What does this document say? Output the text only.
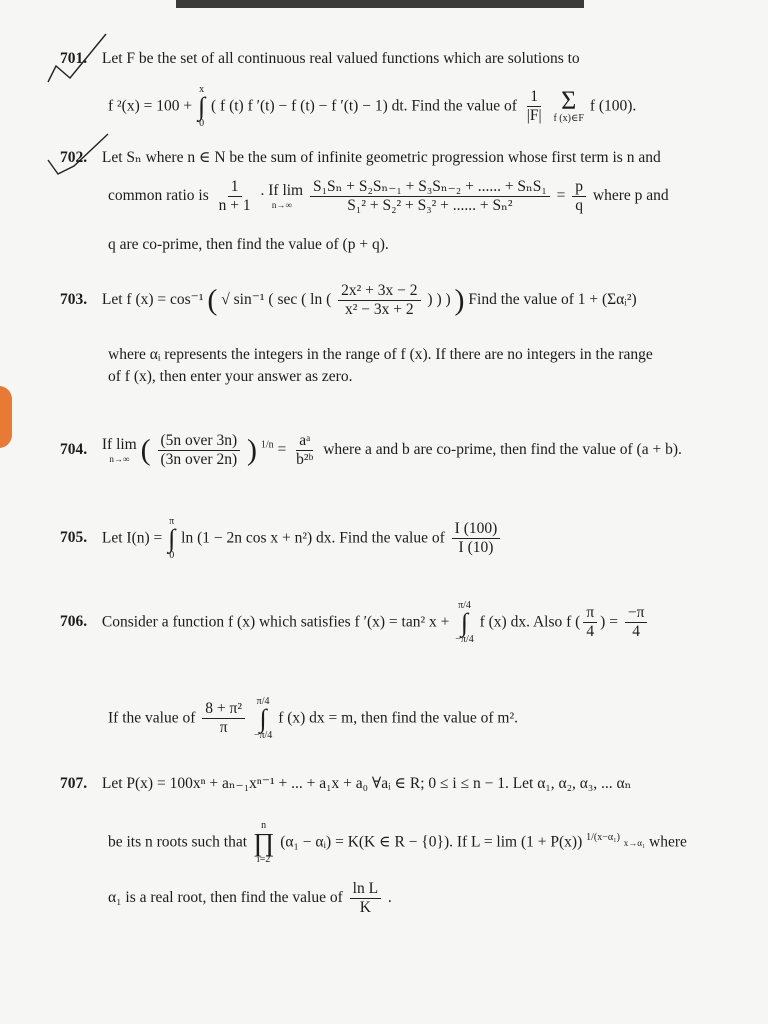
701. Let F be the set of all continuous real valued functions which are solutions to
f ²(x) = 100 +
x
∫
0
( f (t) f ′(t) − f (t) − f ′(t) − 1) dt. Find the value of $\frac{1}{|F|}$
Σ
f (x)∈F
f (100).
702. Let Sₙ where n ∈ N be the sum of infinite geometric progression whose first term is n and
common ratio is $\frac{1}{n + 1}$
. If lim
n→∞

S₁Sₙ + S₂Sₙ₋₁ + S₃Sₙ₋₂ + ...... + SₙS₁
S₁² + S₂² + S₃² + ...... + Sₙ²
= $\frac{p}{q}$ where p and
q are co-prime, then find the value of (p + q).
703. Let f (x) = cos⁻¹ ( √ sin⁻¹ ( sec ( ln ( $\frac{\text{2x² + 3x − 2}}{\text{x² − 3x + 2}}$ ) ) ) ) Find the value of 1 + (Σαᵢ²)
where αᵢ represents the integers in the range of f (x). If there are no integers in the range
of f (x), then enter your answer as zero.
704. If lim
n→∞ ( (5n over 3n)
(3n over 2n) ) $^{1/n} = \frac{\text{aᵃ}}{\text{b²ᵇ}}$ where a and b are co-prime, then find the value of (a + b).
705. Let I(n) =
π
∫
0
ln (1 − 2n cos x + n²) dx. Find the value of $\frac{I (100)}{I (10)}$
706. Consider a function f (x) which satisfies f ′(x) = tan² x +
π/4
∫
−π/4
f (x) dx. Also f ( $\frac{\pi}{4}$ ) = $\frac{-\pi}{4}$
If the value of $\frac{\text{8 + π²}}{\pi}$
π/4
∫
−π/4
f (x) dx = m, then find the value of m².
707. Let P(x) = 100xⁿ + aₙ₋₁xⁿ⁻¹ + ... + a₁x + a₀ ∀aᵢ ∈ R; 0 ≤ i ≤ n − 1. Let α₁, α₂, α₃, ... αₙ
be its n roots such that
n
∏
i=2
(α₁ − αᵢ) = K(K ∈ R − {0}). If L = lim (1 + P(x)) $^{1/(x-\alpha_1)}$ x→α₁ where
α₁ is a real root, then find the value of $\frac{\text{ln L}}{K}$ .
